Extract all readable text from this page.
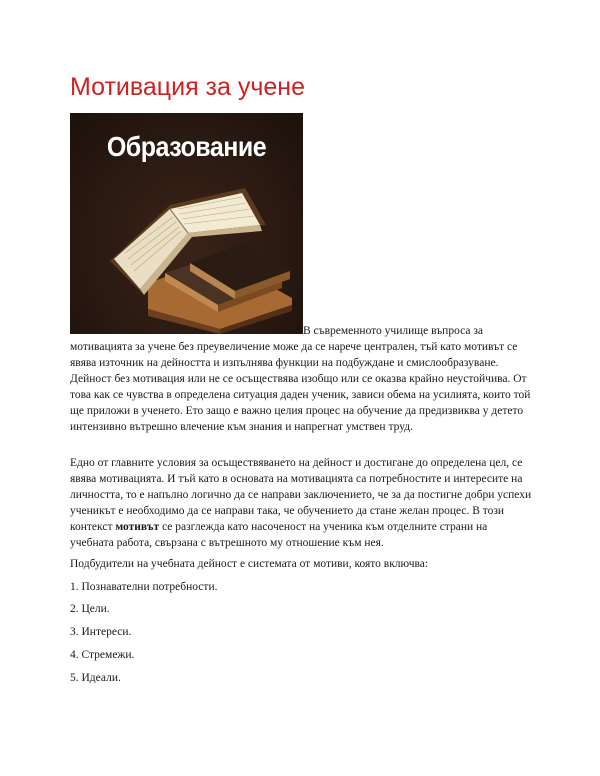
Мотивация за учене
Образование

В съвременното училище въпроса за мотивацията за учене без преувеличение може да се нарече централен, тъй като мотивът се явява източник на дейността и изпълнява функции на подбуждане и смислообразуване. Дейност без мотивация или не се осъществява изобщо или се оказва крайно неустойчива. От това как се чувства в определена ситуация даден ученик, зависи обема на усилията, които той ще приложи в ученето. Ето защо е важно целия процес на обучение да предизвиква у детето интензивно вътрешно влечение към знания и напрегнат умствен труд.

Едно от главните условия за осъществяването на дейност и достигане до определена цел, се явява мотивацията. И тъй като в основата на мотивацията са потребностите и интересите на личността, то е напълно логично да се направи заключението, че за да постигне добри успехи ученикът е необходимо да се направи така, че обучението да стане желан процес. В този контекст мотивът се разглежда като насоченост на ученика към отделните страни на учебната работа, свързана с вътрешното му отношение към нея.

Подбудители на учебната дейност е системата от мотиви, която включва:

1. Познавателни потребности.

2. Цели.

3. Интереси.

4. Стремежи.

5. Идеали.
